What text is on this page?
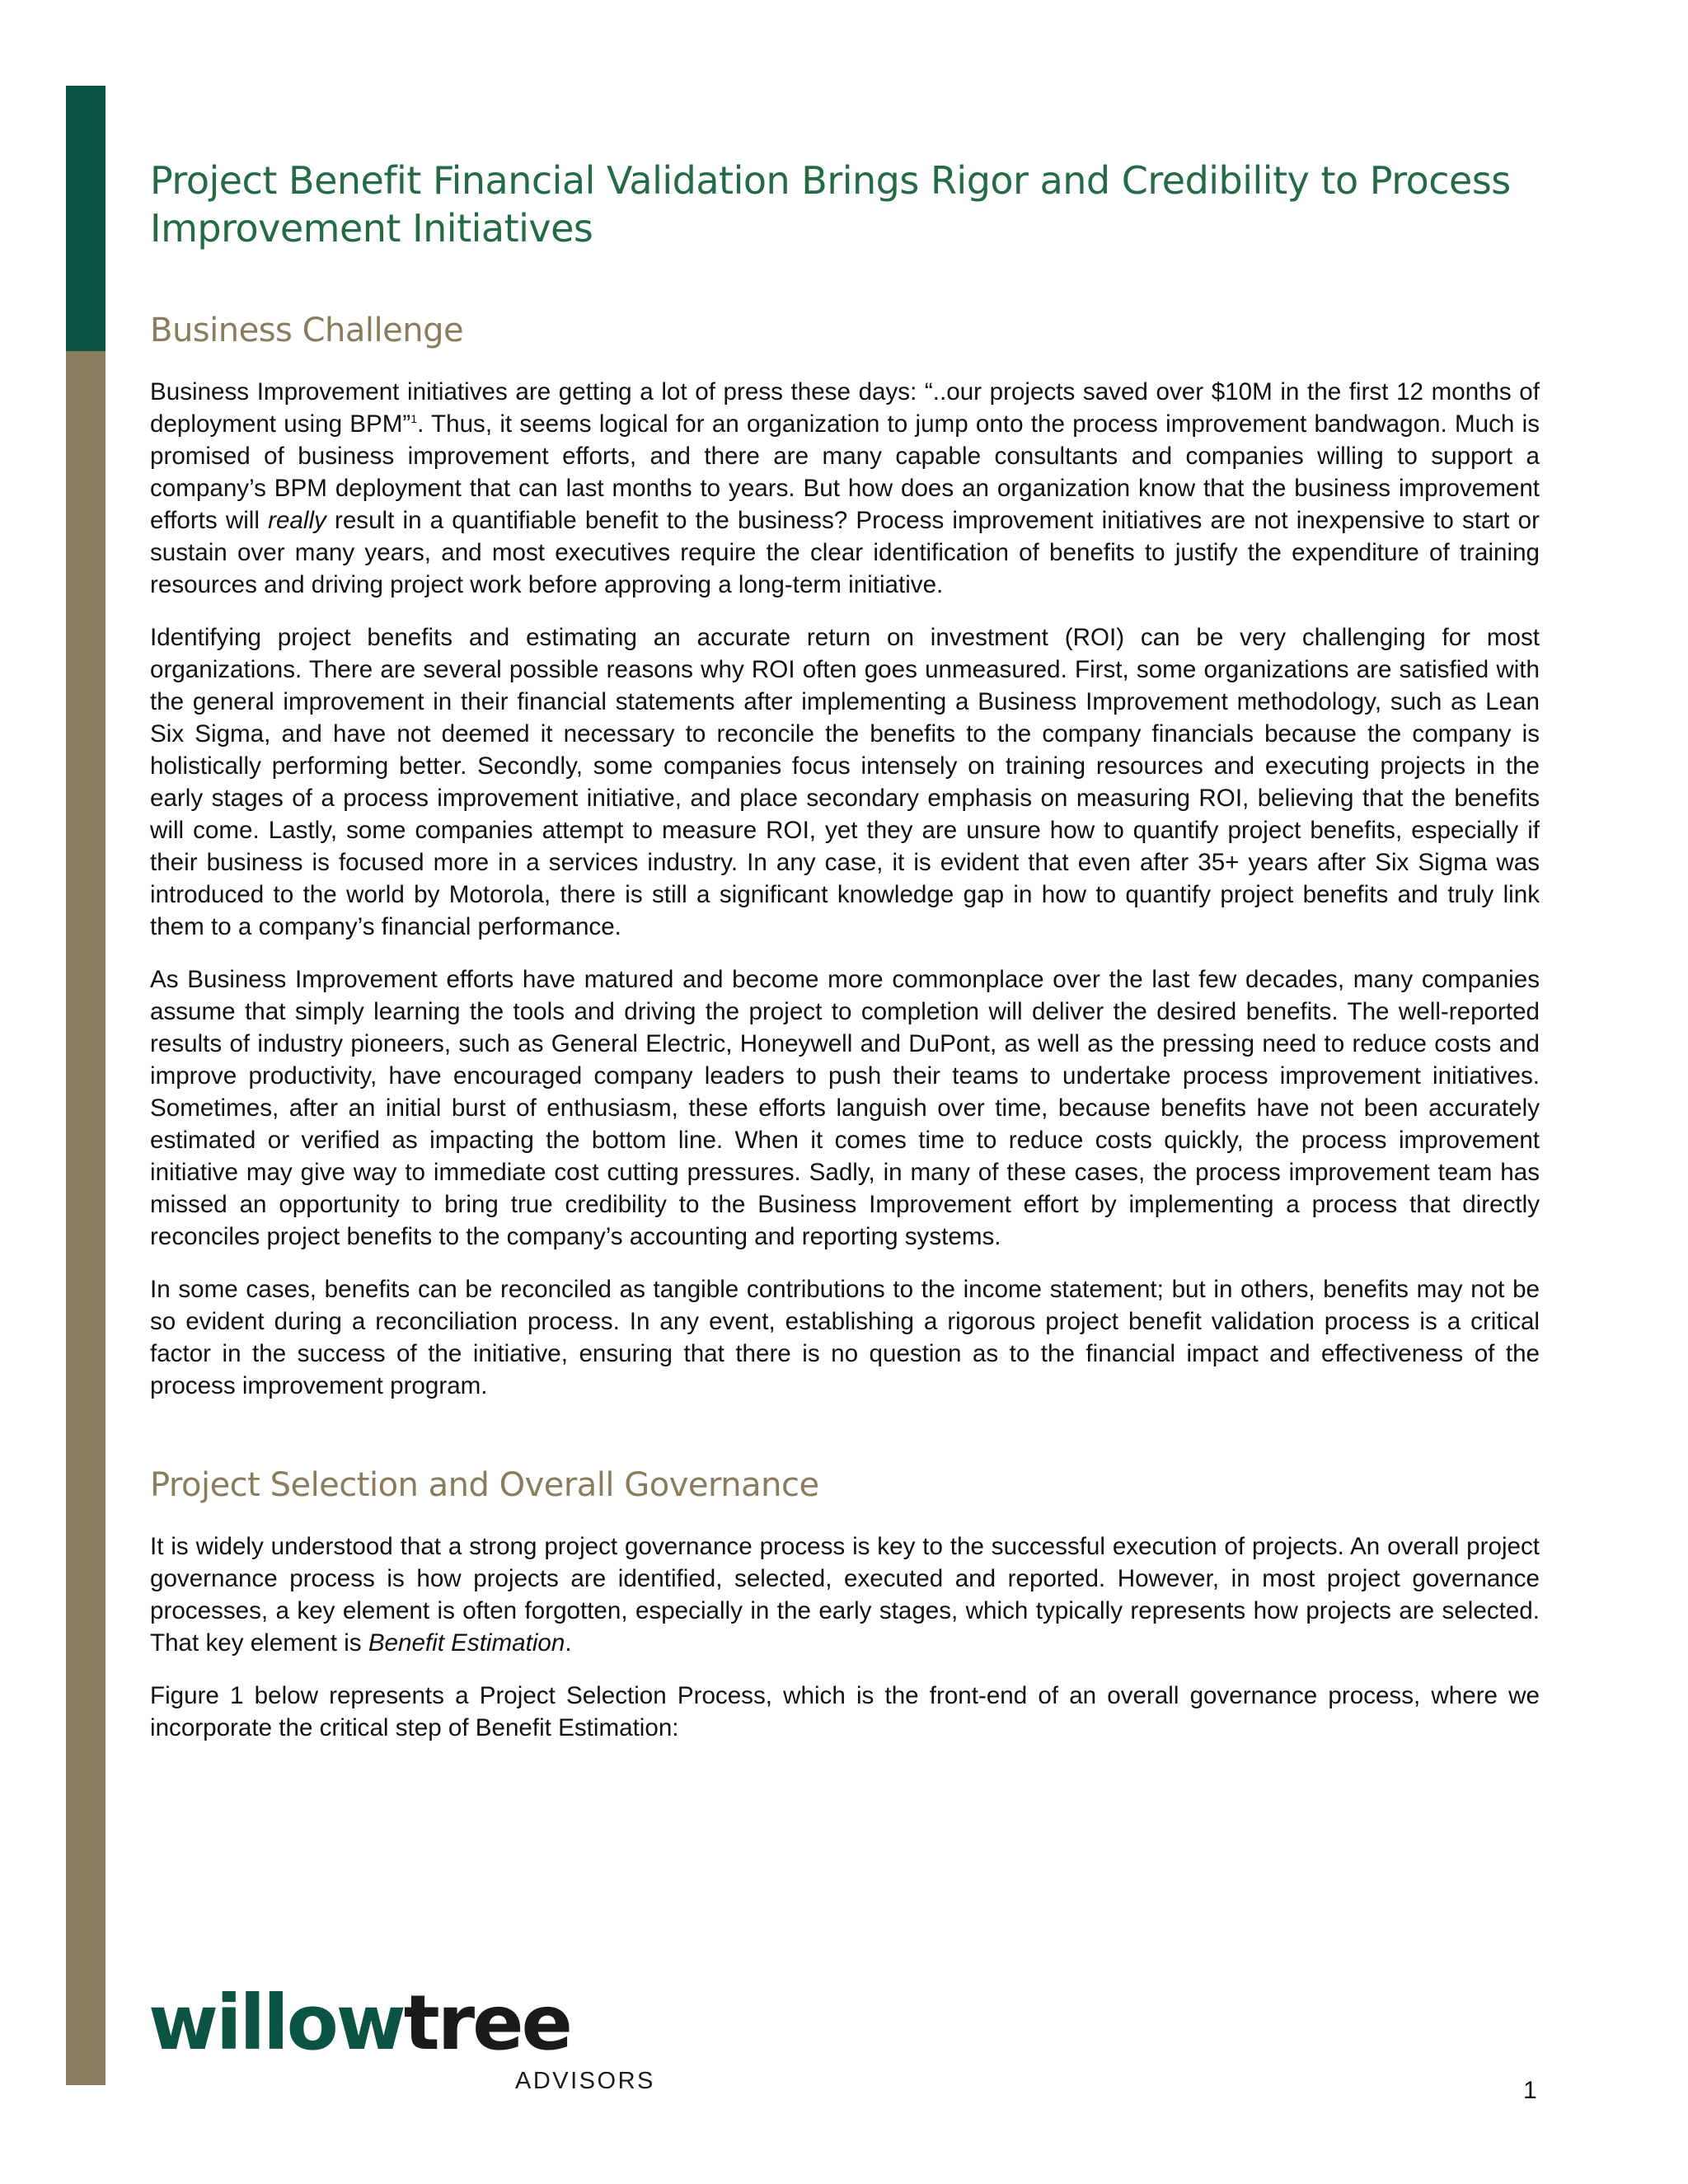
Project Benefit Financial Validation Brings Rigor and Credibility to Process Improvement Initiatives
Business Challenge

Business Improvement initiatives are getting a lot of press these days: “..our projects saved over $10M in the first 12 months of deployment using BPM”$^1$. Thus, it seems logical for an organization to jump onto the process improvement bandwagon. Much is promised of business improvement efforts, and there are many capable consultants and companies willing to support a company’s BPM deployment that can last months to years. But how does an organization know that the business improvement efforts will really result in a quantifiable benefit to the business? Process improvement initiatives are not inexpensive to start or sustain over many years, and most executives require the clear identification of benefits to justify the expenditure of training resources and driving project work before approving a long-term initiative.

Identifying project benefits and estimating an accurate return on investment (ROI) can be very challenging for most organizations. There are several possible reasons why ROI often goes unmeasured. First, some organizations are satisfied with the general improvement in their financial statements after implementing a Business Improvement methodology, such as Lean Six Sigma, and have not deemed it necessary to reconcile the benefits to the company financials because the company is holistically performing better. Secondly, some companies focus intensely on training resources and executing projects in the early stages of a process improvement initiative, and place secondary emphasis on measuring ROI, believing that the benefits will come. Lastly, some companies attempt to measure ROI, yet they are unsure how to quantify project benefits, especially if their business is focused more in a services industry. In any case, it is evident that even after 35+ years after Six Sigma was introduced to the world by Motorola, there is still a significant knowledge gap in how to quantify project benefits and truly link them to a company’s financial performance.

As Business Improvement efforts have matured and become more commonplace over the last few decades, many companies assume that simply learning the tools and driving the project to completion will deliver the desired benefits. The well-reported results of industry pioneers, such as General Electric, Honeywell and DuPont, as well as the pressing need to reduce costs and improve productivity, have encouraged company leaders to push their teams to undertake process improvement initiatives. Sometimes, after an initial burst of enthusiasm, these efforts languish over time, because benefits have not been accurately estimated or verified as impacting the bottom line. When it comes time to reduce costs quickly, the process improvement initiative may give way to immediate cost cutting pressures. Sadly, in many of these cases, the process improvement team has missed an opportunity to bring true credibility to the Business Improvement effort by implementing a process that directly reconciles project benefits to the company’s accounting and reporting systems.

In some cases, benefits can be reconciled as tangible contributions to the income statement; but in others, benefits may not be so evident during a reconciliation process. In any event, establishing a rigorous project benefit validation process is a critical factor in the success of the initiative, ensuring that there is no question as to the financial impact and effectiveness of the process improvement program.

Project Selection and Overall Governance

It is widely understood that a strong project governance process is key to the successful execution of projects. An overall project governance process is how projects are identified, selected, executed and reported. However, in most project governance processes, a key element is often forgotten, especially in the early stages, which typically represents how projects are selected. That key element is Benefit Estimation.

Figure 1 below represents a Project Selection Process, which is the front-end of an overall governance process, where we incorporate the critical step of Benefit Estimation:

willowtree
ADVISORS	1
